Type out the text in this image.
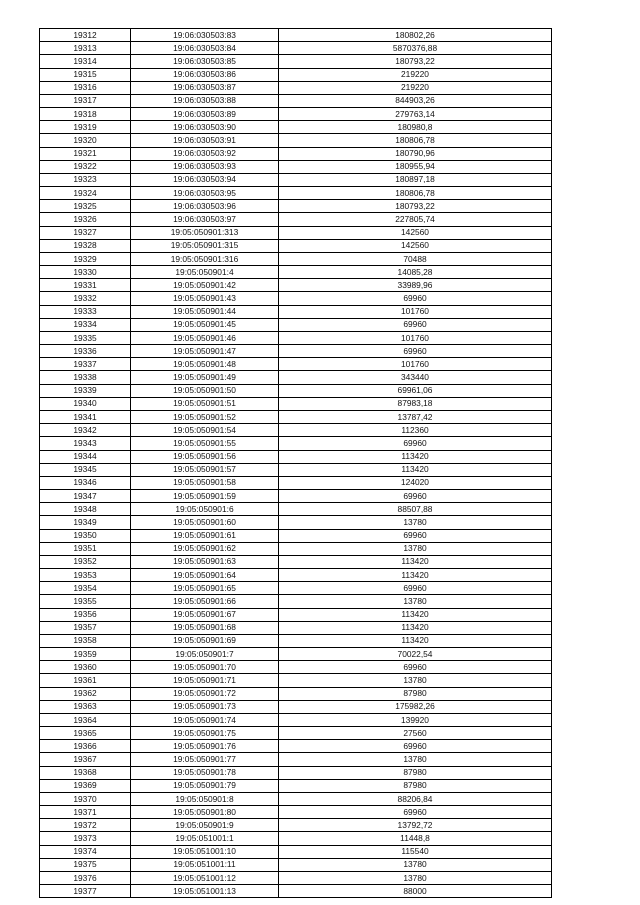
19312	19:06:030503:83	180802,26
19313	19:06:030503:84	5870376,88
19314	19:06:030503:85	180793,22
19315	19:06:030503:86	219220
19316	19:06:030503:87	219220
19317	19:06:030503:88	844903,26
19318	19:06:030503:89	279763,14
19319	19:06:030503:90	180980,8
19320	19:06:030503:91	180806,78
19321	19:06:030503:92	180790,96
19322	19:06:030503:93	180955,94
19323	19:06:030503:94	180897,18
19324	19:06:030503:95	180806,78
19325	19:06:030503:96	180793,22
19326	19:06:030503:97	227805,74
19327	19:05:050901:313	142560
19328	19:05:050901:315	142560
19329	19:05:050901:316	70488
19330	19:05:050901:4	14085,28
19331	19:05:050901:42	33989,96
19332	19:05:050901:43	69960
19333	19:05:050901:44	101760
19334	19:05:050901:45	69960
19335	19:05:050901:46	101760
19336	19:05:050901:47	69960
19337	19:05:050901:48	101760
19338	19:05:050901:49	343440
19339	19:05:050901:50	69961,06
19340	19:05:050901:51	87983,18
19341	19:05:050901:52	13787,42
19342	19:05:050901:54	112360
19343	19:05:050901:55	69960
19344	19:05:050901:56	113420
19345	19:05:050901:57	113420
19346	19:05:050901:58	124020
19347	19:05:050901:59	69960
19348	19:05:050901:6	88507,88
19349	19:05:050901:60	13780
19350	19:05:050901:61	69960
19351	19:05:050901:62	13780
19352	19:05:050901:63	113420
19353	19:05:050901:64	113420
19354	19:05:050901:65	69960
19355	19:05:050901:66	13780
19356	19:05:050901:67	113420
19357	19:05:050901:68	113420
19358	19:05:050901:69	113420
19359	19:05:050901:7	70022,54
19360	19:05:050901:70	69960
19361	19:05:050901:71	13780
19362	19:05:050901:72	87980
19363	19:05:050901:73	175982,26
19364	19:05:050901:74	139920
19365	19:05:050901:75	27560
19366	19:05:050901:76	69960
19367	19:05:050901:77	13780
19368	19:05:050901:78	87980
19369	19:05:050901:79	87980
19370	19:05:050901:8	88206,84
19371	19:05:050901:80	69960
19372	19:05:050901:9	13792,72
19373	19:05:051001:1	11448,8
19374	19:05:051001:10	115540
19375	19:05:051001:11	13780
19376	19:05:051001:12	13780
19377	19:05:051001:13	88000
